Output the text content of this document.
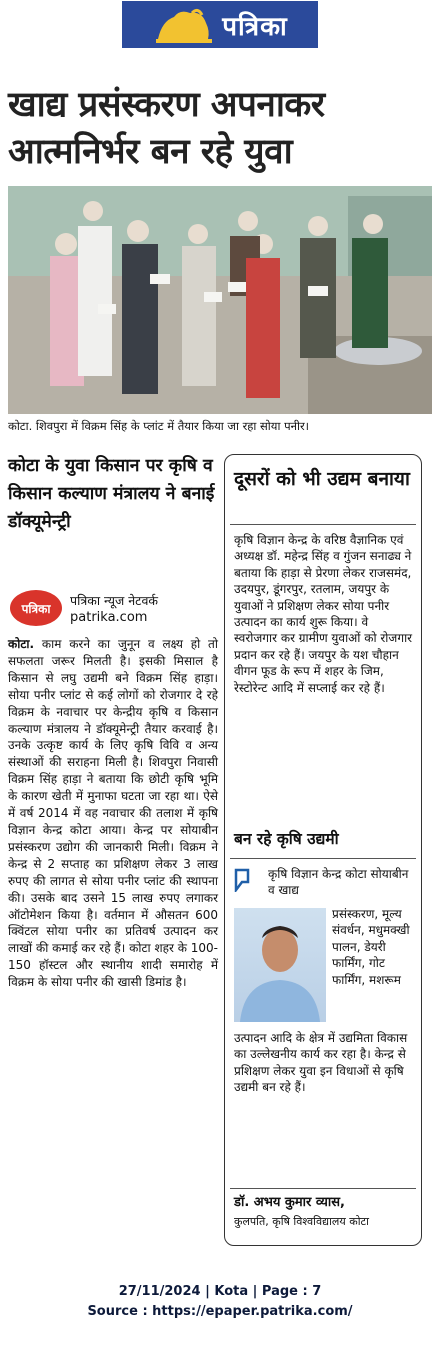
पत्रिका
खाद्य प्रसंस्करण अपनाकर आत्मनिर्भर बन रहे युवा
कोटा. शिवपुरा में विक्रम सिंह के प्लांट में तैयार किया जा रहा सोया पनीर।
कोटा के युवा किसान पर कृषि व किसान कल्याण मंत्रालय ने बनाई डॉक्यूमेन्ट्री
पत्रिका
पत्रिका न्यूज नेटवर्क
patrika.com
कोटा. काम करने का जुनून व लक्ष्य हो तो सफलता जरूर मिलती है। इसकी मिसाल है किसान से लघु उद्यमी बने विक्रम सिंह हाड़ा। सोया पनीर प्लांट से कई लोगों को रोजगार दे रहे विक्रम के नवाचार पर केन्द्रीय कृषि व किसान कल्याण मंत्रालय ने डॉक्यूमेन्ट्री तैयार करवाई है। उनके उत्कृष्ट कार्य के लिए कृषि विवि व अन्य संस्थाओं की सराहना मिली है। शिवपुरा निवासी विक्रम सिंह हाड़ा ने बताया कि छोटी कृषि भूमि के कारण खेती में मुनाफा घटता जा रहा था। ऐसे में वर्ष 2014 में वह नवाचार की तलाश में कृषि विज्ञान केन्द्र कोटा आया। केन्द्र पर सोयाबीन प्रसंस्करण उद्योग की जानकारी मिली। विक्रम ने केन्द्र से 2 सप्ताह का प्रशिक्षण लेकर 3 लाख रुपए की लागत से सोया पनीर प्लांट की स्थापना की। उसके बाद उसने 15 लाख रुपए लगाकर ऑटोमेशन किया है। वर्तमान में औसतन 600 क्विंटल सोया पनीर का प्रतिवर्ष उत्पादन कर लाखों की कमाई कर रहे हैं। कोटा शहर के 100-150 हॉस्टल और स्थानीय शादी समारोह में विक्रम के सोया पनीर की खासी डिमांड है।
दूसरों को भी उद्यम बनाया
कृषि विज्ञान केन्द्र के वरिष्ठ वैज्ञानिक एवं अध्यक्ष डॉ. महेन्द्र सिंह व गुंजन सनाढ्य ने बताया कि हाड़ा से प्रेरणा लेकर राजसमंद, उदयपुर, डूंगरपुर, रतलाम, जयपुर के युवाओं ने प्रशिक्षण लेकर सोया पनीर उत्पादन का कार्य शुरू किया। वे स्वरोजगार कर ग्रामीण युवाओं को रोजगार प्रदान कर रहे हैं। जयपुर के यश चौहान वीगन फूड के रूप में शहर के जिम, रेस्टोरेन्ट आदि में सप्लाई कर रहे हैं।
बन रहे कृषि उद्यमी
कृषि विज्ञान केन्द्र कोटा सोयाबीन व खाद्य
प्रसंस्करण, मूल्य संवर्धन, मधुमक्खी पालन, डेयरी फार्मिंग, गोट फार्मिंग, मशरूम
उत्पादन आदि के क्षेत्र में उद्यमिता विकास का उल्लेखनीय कार्य कर रहा है। केन्द्र से प्रशिक्षण लेकर युवा इन विधाओं से कृषि उद्यमी बन रहे हैं।
डॉ. अभय कुमार व्यास,
कुलपति, कृषि विश्वविद्यालय कोटा
27/11/2024 | Kota | Page : 7
Source : https://epaper.patrika.com/
